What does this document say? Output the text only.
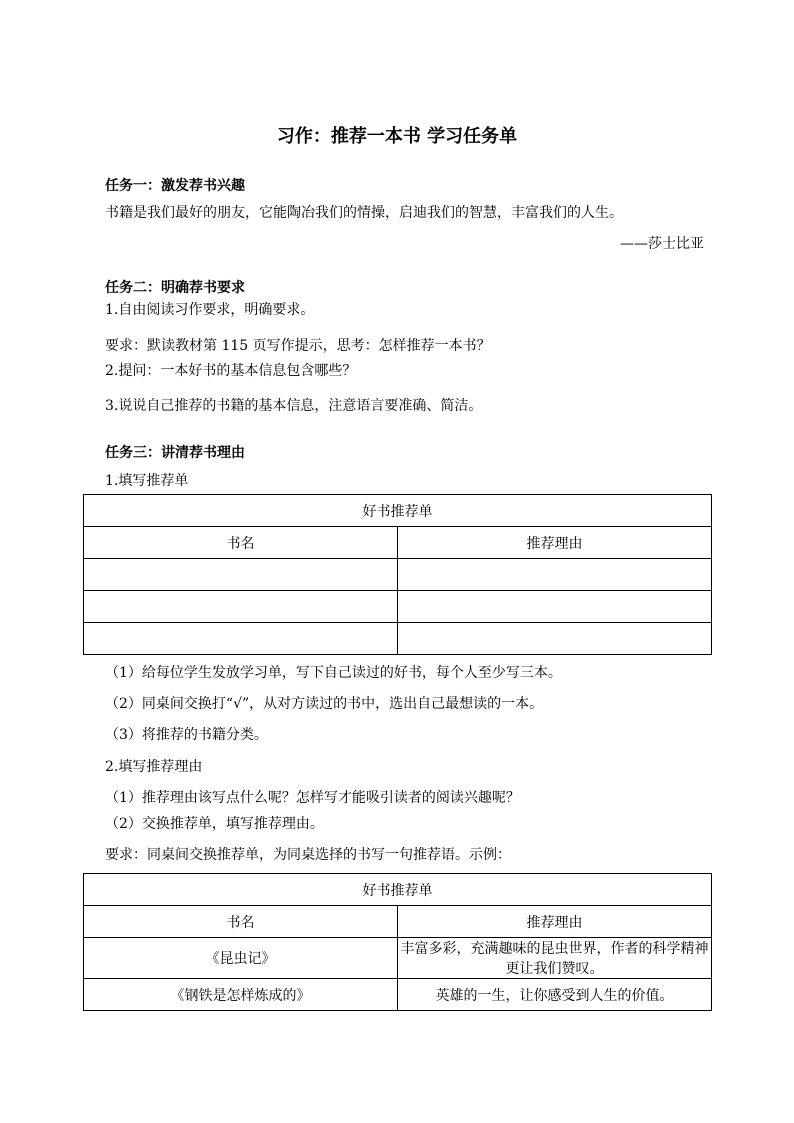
习作：推荐一本书 学习任务单
任务一：激发荐书兴趣
书籍是我们最好的朋友，它能陶冶我们的情操，启迪我们的智慧，丰富我们的人生。
——莎士比亚
任务二：明确荐书要求
1.自由阅读习作要求，明确要求。
要求：默读教材第 115 页写作提示，思考：怎样推荐一本书？
2.提问：一本好书的基本信息包含哪些？
3.说说自己推荐的书籍的基本信息，注意语言要准确、简洁。
任务三：讲清荐书理由
1.填写推荐单
好书推荐单	
书名	推荐理由

（1）给每位学生发放学习单，写下自己读过的好书，每个人至少写三本。
（2）同桌间交换打“√”，从对方读过的书中，选出自己最想读的一本。
（3）将推荐的书籍分类。
2.填写推荐理由
（1）推荐理由该写点什么呢？怎样写才能吸引读者的阅读兴趣呢？
（2）交换推荐单，填写推荐理由。
要求：同桌间交换推荐单，为同桌选择的书写一句推荐语。示例：
好书推荐单	
书名	推荐理由
《昆虫记》	丰富多彩，充满趣味的昆虫世界，作者的科学精神更让我们赞叹。
《钢铁是怎样炼成的》	英雄的一生，让你感受到人生的价值。
